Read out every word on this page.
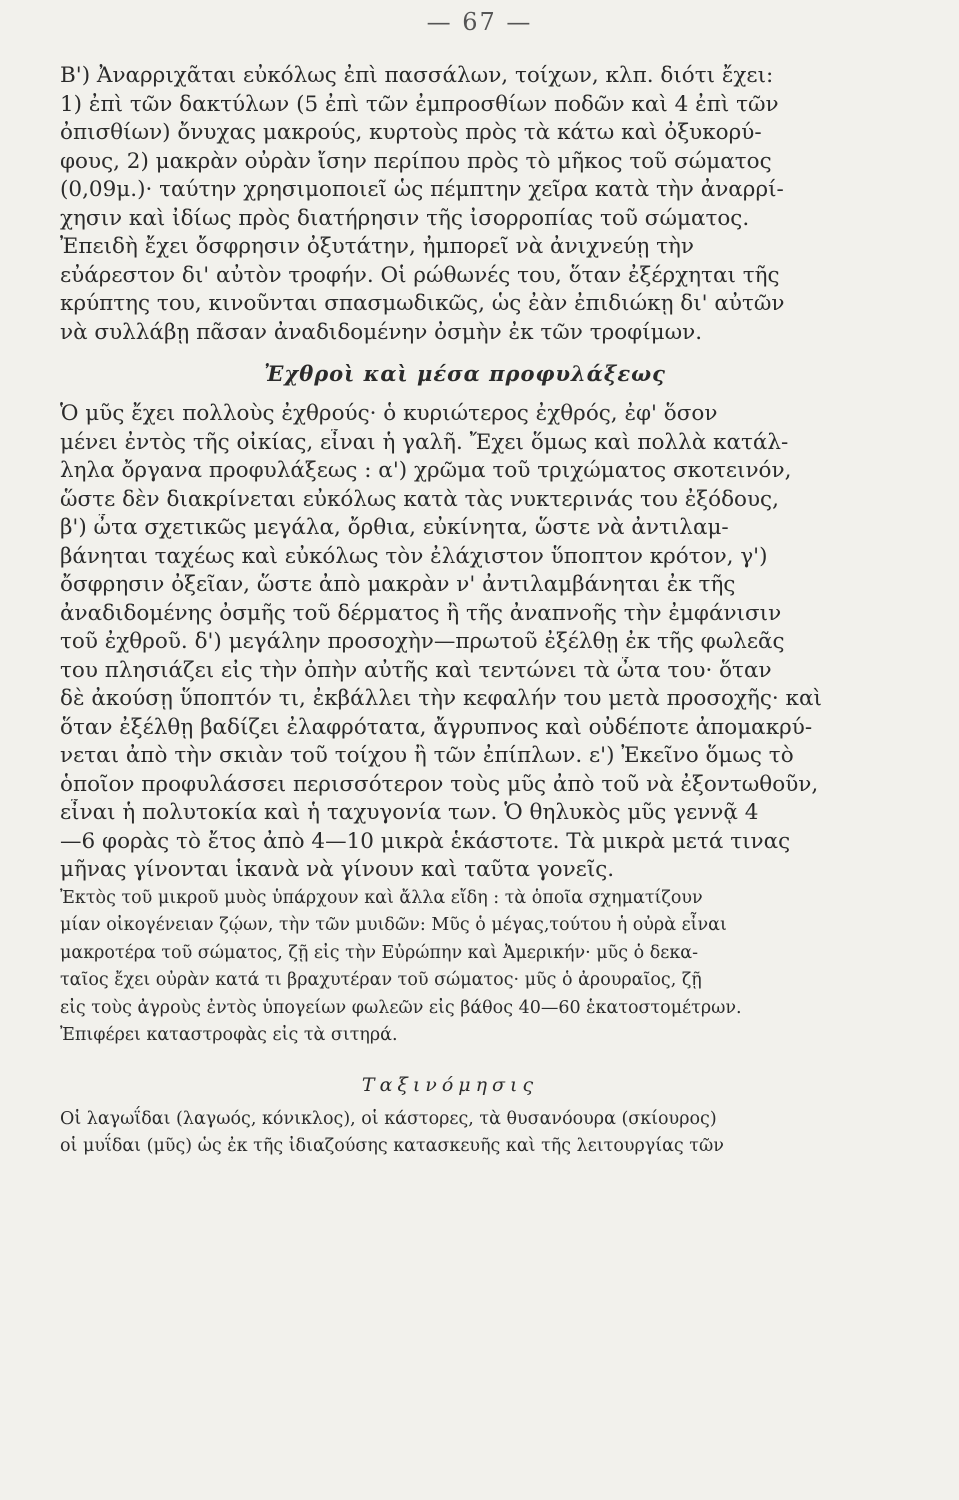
— 67 —
Β') Ἀναρριχᾶται εὐκόλως ἐπὶ πασσάλων, τοίχων, κλπ. διότι ἔχει:
1) ἐπὶ τῶν δακτύλων (5 ἐπὶ τῶν ἐμπροσθίων ποδῶν καὶ 4 ἐπὶ τῶν
ὀπισθίων) ὄνυχας μακρούς, κυρτοὺς πρὸς τὰ κάτω καὶ ὀξυκορύ-
φους, 2) μακρὰν οὐρὰν ἴσην περίπου πρὸς τὸ μῆκος τοῦ σώματος
(0,09μ.)· ταύτην χρησιμοποιεῖ ὡς πέμπτην χεῖρα κατὰ τὴν ἀναρρί-
χησιν καὶ ἰδίως πρὸς διατήρησιν τῆς ἰσορροπίας τοῦ σώματος.
Ἐπειδὴ ἔχει ὄσφρησιν ὀξυτάτην, ἠμπορεῖ νὰ ἀνιχνεύῃ τὴν
εὐάρεστον δι' αὐτὸν τροφήν. Οἱ ρώθωνές του, ὅταν ἐξέρχηται τῆς
κρύπτης του, κινοῦνται σπασμωδικῶς, ὡς ἐὰν ἐπιδιώκῃ δι' αὐτῶν
νὰ συλλάβῃ πᾶσαν ἀναδιδομένην ὀσμὴν ἐκ τῶν τροφίμων.
Ἐχθροὶ καὶ μέσα προφυλάξεως
Ὁ μῦς ἔχει πολλοὺς ἐχθρούς· ὁ κυριώτερος ἐχθρός, ἐφ' ὅσον
μένει ἐντὸς τῆς οἰκίας, εἶναι ἡ γαλῆ. Ἔχει ὅμως καὶ πολλὰ κατάλ-
ληλα ὄργανα προφυλάξεως : α') χρῶμα τοῦ τριχώματος σκοτεινόν,
ὥστε δὲν διακρίνεται εὐκόλως κατὰ τὰς νυκτερινάς του ἐξόδους,
β') ὦτα σχετικῶς μεγάλα, ὄρθια, εὐκίνητα, ὥστε νὰ ἀντιλαμ-
βάνηται ταχέως καὶ εὐκόλως τὸν ἐλάχιστον ὕποπτον κρότον, γ')
ὄσφρησιν ὀξεῖαν, ὥστε ἀπὸ μακρὰν ν' ἀντιλαμβάνηται ἐκ τῆς
ἀναδιδομένης ὀσμῆς τοῦ δέρματος ἢ τῆς ἀναπνοῆς τὴν ἐμφάνισιν
τοῦ ἐχθροῦ. δ') μεγάλην προσοχὴν—πρωτοῦ ἐξέλθῃ ἐκ τῆς φωλεᾶς
του πλησιάζει εἰς τὴν ὀπὴν αὐτῆς καὶ τεντώνει τὰ ὦτα του· ὅταν
δὲ ἀκούσῃ ὕποπτόν τι, ἐκβάλλει τὴν κεφαλήν του μετὰ προσοχῆς· καὶ
ὅταν ἐξέλθῃ βαδίζει ἐλαφρότατα, ἄγρυπνος καὶ οὐδέποτε ἀπομακρύ-
νεται ἀπὸ τὴν σκιὰν τοῦ τοίχου ἢ τῶν ἐπίπλων. ε') Ἐκεῖνο ὅμως τὸ
ὁποῖον προφυλάσσει περισσότερον τοὺς μῦς ἀπὸ τοῦ νὰ ἐξοντωθοῦν,
εἶναι ἡ πολυτοκία καὶ ἡ ταχυγονία των. Ὁ θηλυκὸς μῦς γεννᾷ 4
—6 φορὰς τὸ ἔτος ἀπὸ 4—10 μικρὰ ἑκάστοτε. Τὰ μικρὰ μετά τινας
μῆνας γίνονται ἱκανὰ νὰ γίνουν καὶ ταῦτα γονεῖς.
Ἐκτὸς τοῦ μικροῦ μυὸς ὑπάρχουν καὶ ἄλλα εἴδη : τὰ ὁποῖα σχηματίζουν
μίαν οἰκογένειαν ζῴων, τὴν τῶν μυιδῶν: Μῦς ὁ μέγας,τούτου ἡ οὐρὰ εἶναι
μακροτέρα τοῦ σώματος, ζῇ εἰς τὴν Εὐρώπην καὶ Ἀμερικήν· μῦς ὁ δεκα-
ταῖος ἔχει οὐρὰν κατά τι βραχυτέραν τοῦ σώματος· μῦς ὁ ἀρουραῖος, ζῇ
εἰς τοὺς ἀγροὺς ἐντὸς ὑπογείων φωλεῶν εἰς βάθος 40—60 ἑκατοστομέτρων.
Ἐπιφέρει καταστροφὰς εἰς τὰ σιτηρά.
Ταξινόμησις
Οἱ λαγωΐδαι (λαγωός, κόνικλος), οἱ κάστορες, τὰ θυσανόουρα (σκίουρος)
οἱ μυΐδαι (μῦς) ὡς ἐκ τῆς ἰδιαζούσης κατασκευῆς καὶ τῆς λειτουργίας τῶν
